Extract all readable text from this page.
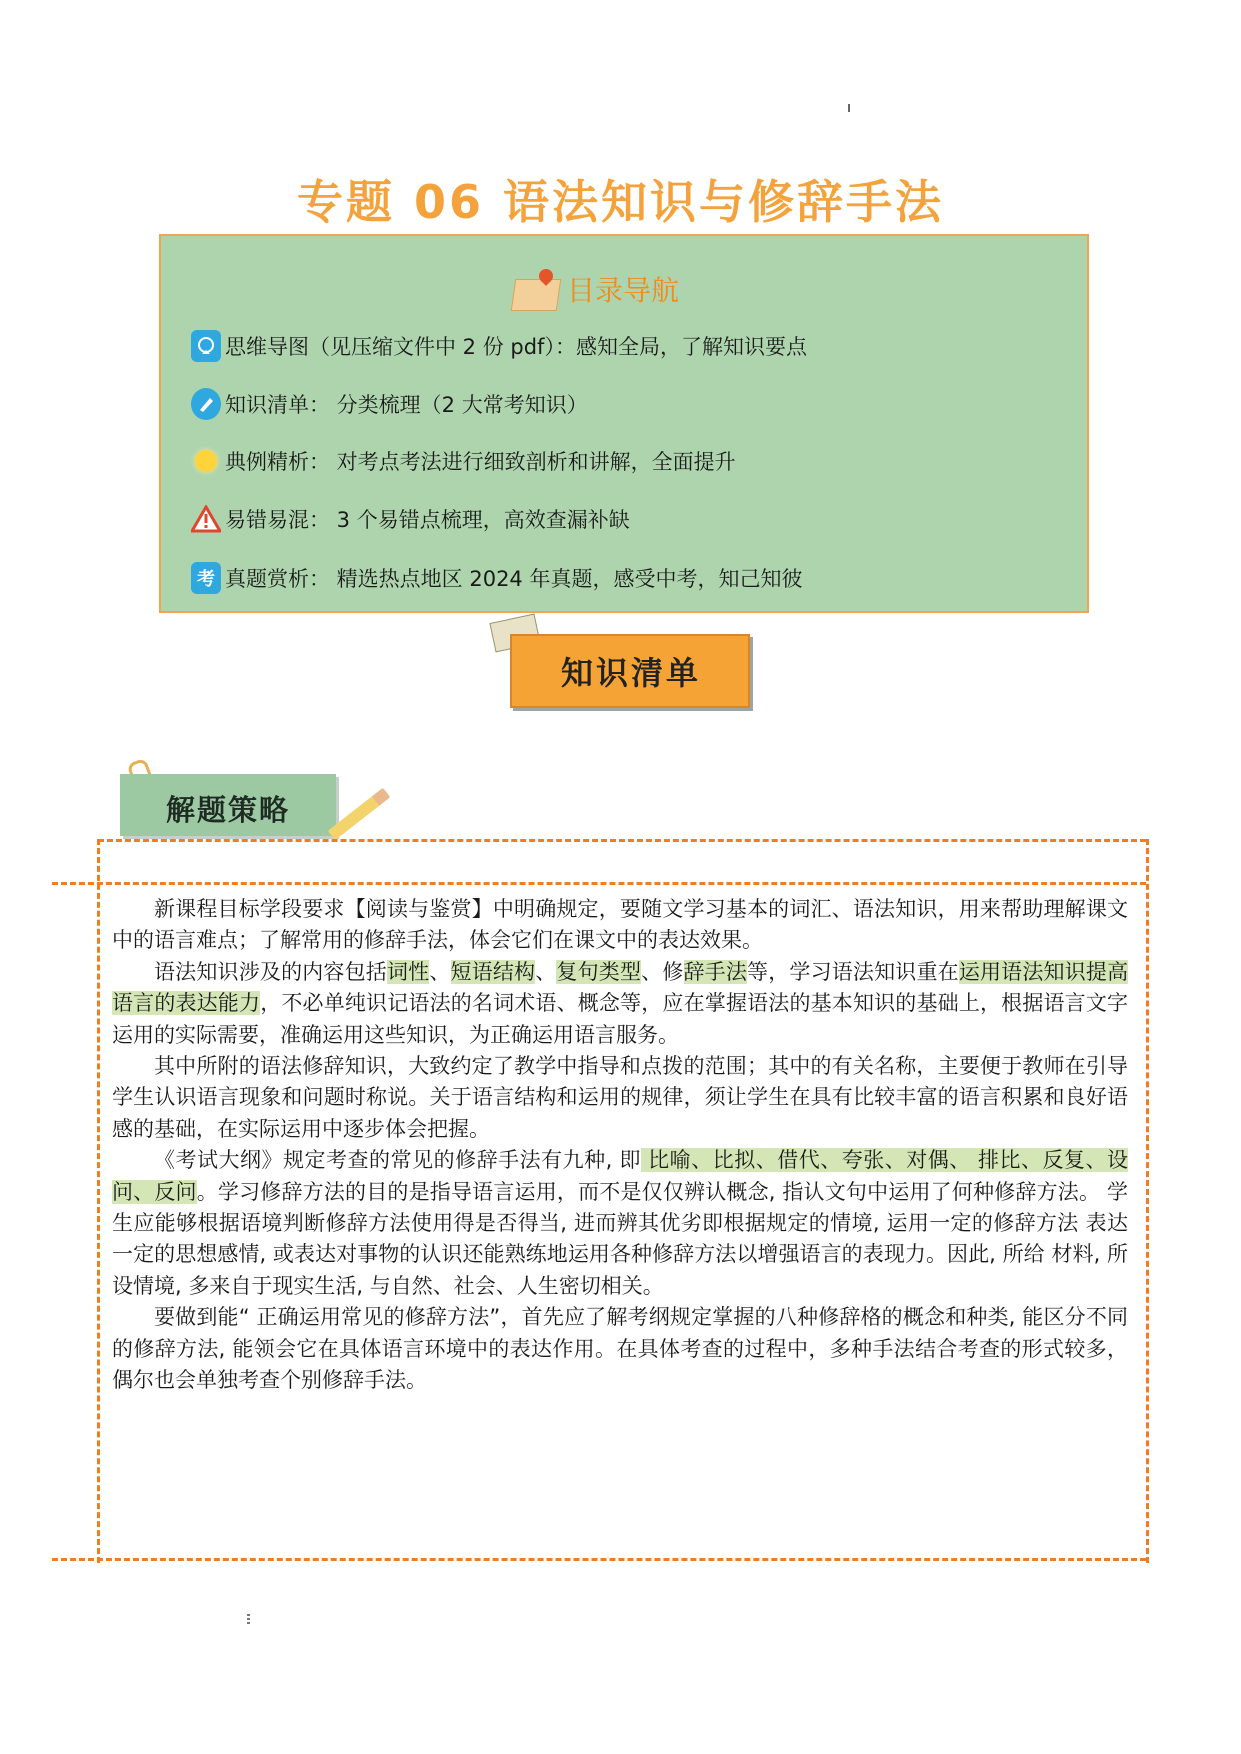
专题 06 语法知识与修辞手法
目录导航
思维导图（见压缩文件中 2 份 pdf）：感知全局，了解知识要点
知识清单： 分类梳理（2 大常考知识）
典例精析： 对考点考法进行细致剖析和讲解，全面提升
易错易混： 3 个易错点梳理，高效查漏补缺
考 真题赏析： 精选热点地区 2024 年真题，感受中考，知己知彼
知识清单
解题策略

新课程目标学段要求【阅读与鉴赏】中明确规定，要随文学习基本的词汇、语法知识，用来帮助理解课文中的语言难点；了解常用的修辞手法，体会它们在课文中的表达效果。

语法知识涉及的内容包括词性、短语结构、复句类型、修辞手法等，学习语法知识重在运用语法知识提高语言的表达能力，不必单纯识记语法的名词术语、概念等，应在掌握语法的基本知识的基础上，根据语言文字运用的实际需要，准确运用这些知识，为正确运用语言服务。

其中所附的语法修辞知识，大致约定了教学中指导和点拨的范围；其中的有关名称，主要便于教师在引导学生认识语言现象和问题时称说。关于语言结构和运用的规律，须让学生在具有比较丰富的语言积累和良好语感的基础，在实际运用中逐步体会把握。

《考试大纲》规定考查的常见的修辞手法有九种, 即 比喻、比拟、借代、夸张、对偶、 排比、反复、设 问、反问。学习修辞方法的目的是指导语言运用，而不是仅仅辨认概念, 指认文句中运用了何种修辞方法。 学生应能够根据语境判断修辞方法使用得是否得当, 进而辨其优劣即根据规定的情境, 运用一定的修辞方法 表达一定的思想感情, 或表达对事物的认识还能熟练地运用各种修辞方法以增强语言的表现力。因此, 所给 材料, 所设情境, 多来自于现实生活, 与自然、社会、人生密切相关。

要做到能“ 正确运用常见的修辞方法”，首先应了解考纲规定掌握的八种修辞格的概念和种类, 能区分不同的修辞方法, 能领会它在具体语言环境中的表达作用。在具体考查的过程中，多种手法结合考查的形式较多，偶尔也会单独考查个别修辞手法。
